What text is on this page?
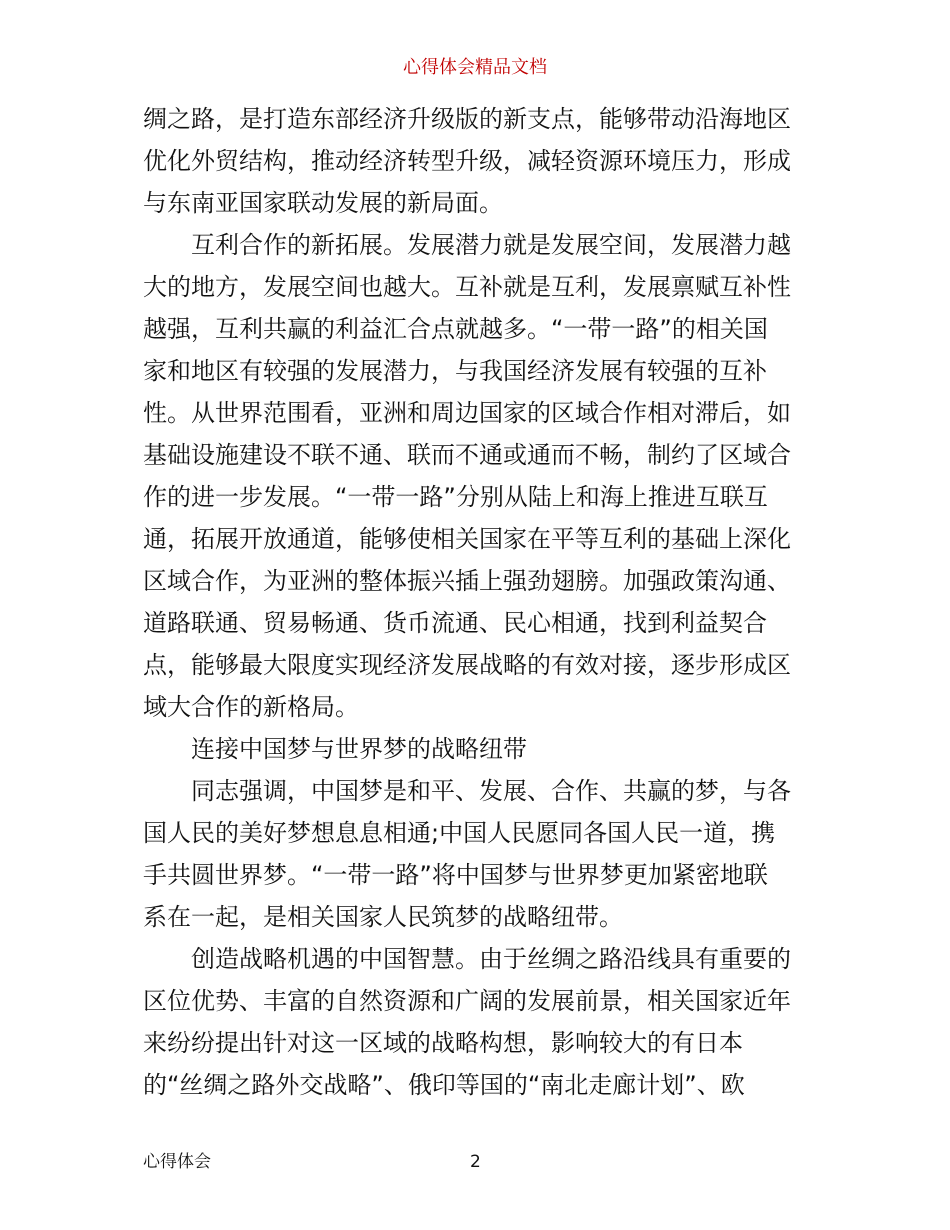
心得体会精品文档
绸之路，是打造东部经济升级版的新支点，能够带动沿海地区
优化外贸结构，推动经济转型升级，减轻资源环境压力，形成
与东南亚国家联动发展的新局面。
互利合作的新拓展。发展潜力就是发展空间，发展潜力越
大的地方，发展空间也越大。互补就是互利，发展禀赋互补性
越强，互利共赢的利益汇合点就越多。“一带一路”的相关国
家和地区有较强的发展潜力，与我国经济发展有较强的互补
性。从世界范围看，亚洲和周边国家的区域合作相对滞后，如
基础设施建设不联不通、联而不通或通而不畅，制约了区域合
作的进一步发展。“一带一路”分别从陆上和海上推进互联互
通，拓展开放通道，能够使相关国家在平等互利的基础上深化
区域合作，为亚洲的整体振兴插上强劲翅膀。加强政策沟通、
道路联通、贸易畅通、货币流通、民心相通，找到利益契合
点，能够最大限度实现经济发展战略的有效对接，逐步形成区
域大合作的新格局。
连接中国梦与世界梦的战略纽带
同志强调，中国梦是和平、发展、合作、共赢的梦，与各
国人民的美好梦想息息相通;中国人民愿同各国人民一道，携
手共圆世界梦。“一带一路”将中国梦与世界梦更加紧密地联
系在一起，是相关国家人民筑梦的战略纽带。
创造战略机遇的中国智慧。由于丝绸之路沿线具有重要的
区位优势、丰富的自然资源和广阔的发展前景，相关国家近年
来纷纷提出针对这一区域的战略构想，影响较大的有日本
的“丝绸之路外交战略”、俄印等国的“南北走廊计划”、欧
心得体会	2
